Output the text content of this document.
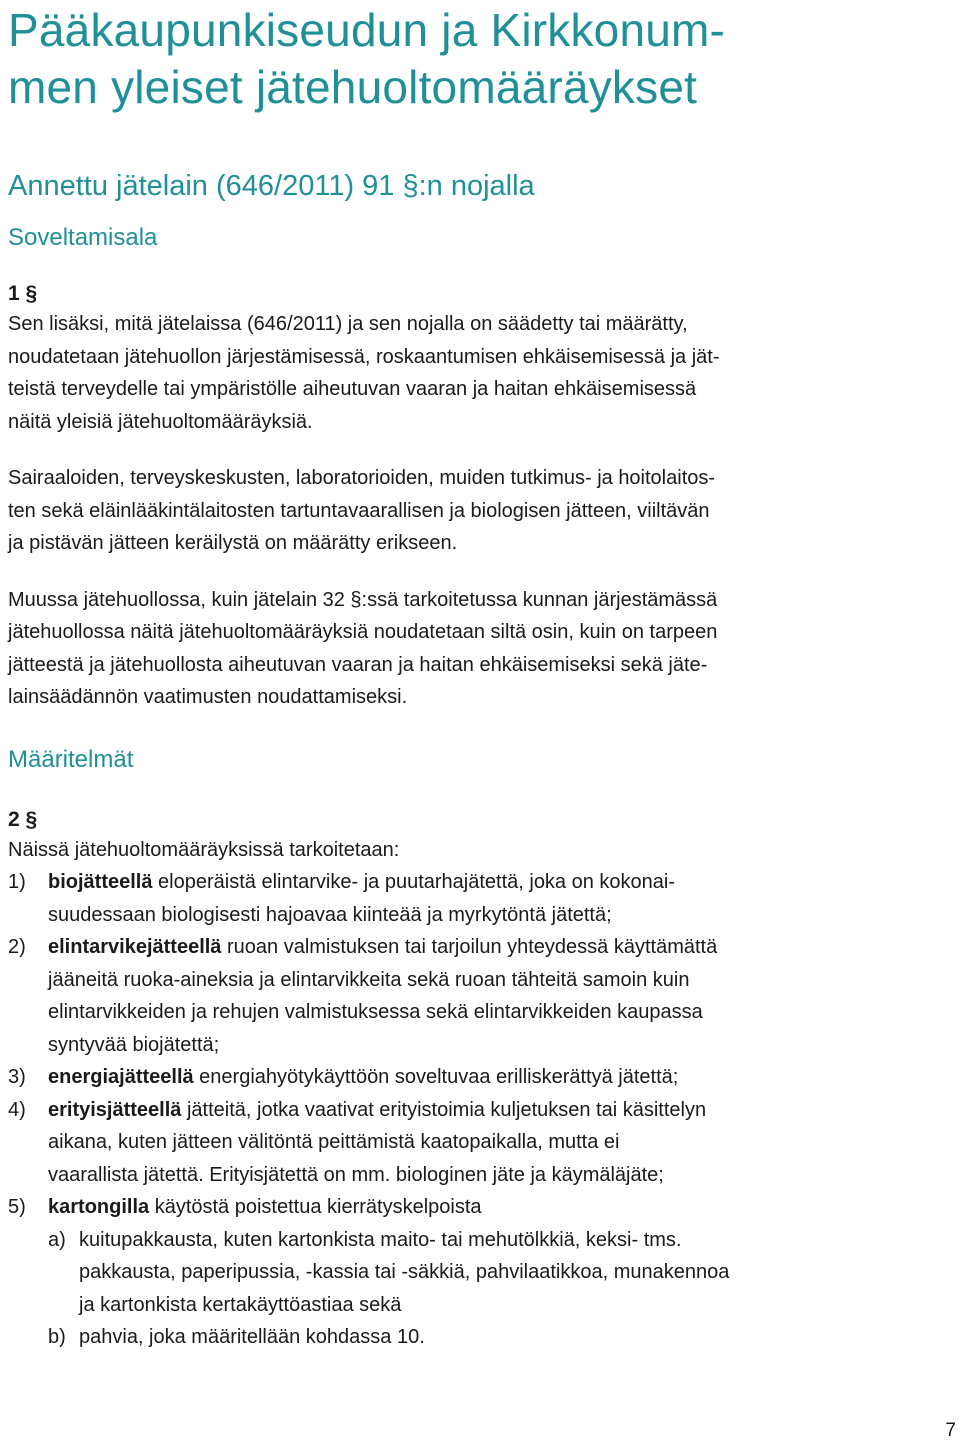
Pääkaupunkiseudun ja Kirkkonum-
men yleiset jätehuoltomääräykset
Annettu jätelain (646/2011) 91 §:n nojalla
Soveltamisala
1 §

Sen lisäksi, mitä jätelaissa (646/2011) ja sen nojalla on säädetty tai määrätty,
noudatetaan jätehuollon järjestämisessä, roskaantumisen ehkäisemisessä ja jät-
teistä terveydelle tai ympäristölle aiheutuvan vaaran ja haitan ehkäisemisessä
näitä yleisiä jätehuoltomääräyksiä.

Sairaaloiden, terveyskeskusten, laboratorioiden, muiden tutkimus- ja hoitolaitos-
ten sekä eläinlääkintälaitosten tartuntavaarallisen ja biologisen jätteen, viiltävän
ja pistävän jätteen keräilystä on määrätty erikseen.

Muussa jätehuollossa, kuin jätelain 32 §:ssä tarkoitetussa kunnan järjestämässä
jätehuollossa näitä jätehuoltomääräyksiä noudatetaan siltä osin, kuin on tarpeen
jätteestä ja jätehuollosta aiheutuvan vaaran ja haitan ehkäisemiseksi sekä jäte-
lainsäädännön vaatimusten noudattamiseksi.

Määritelmät
2 §

Näissä jätehuoltomääräyksissä tarkoitetaan:

1) biojätteellä eloperäistä elintarvike- ja puutarhajätettä, joka on kokonai-
suudessaan biologisesti hajoavaa kiinteää ja myrkytöntä jätettä;
2) elintarvikejätteellä ruoan valmistuksen tai tarjoilun yhteydessä käyttämättä
jääneitä ruoka-aineksia ja elintarvikkeita sekä ruoan tähteitä samoin kuin
elintarvikkeiden ja rehujen valmistuksessa sekä elintarvikkeiden kaupassa
syntyvää biojätettä;
3) energiajätteellä energiahyötykäyttöön soveltuvaa erilliskerättyä jätettä;
4) erityisjätteellä jätteitä, jotka vaativat erityistoimia kuljetuksen tai käsittelyn
aikana, kuten jätteen välitöntä peittämistä kaatopaikalla, mutta ei
vaarallista jätettä. Erityisjätettä on mm. biologinen jäte ja käymäläjäte;
5) kartongilla käytöstä poistettua kierrätyskelpoista
a) kuitupakkausta, kuten kartonkista maito- tai mehutölkkiä, keksi- tms.
pakkausta, paperipussia, -kassia tai -säkkiä, pahvilaatikkoa, munakennoa
ja kartonkista kertakäyttöastiaa sekä
b) pahvia, joka määritellään kohdassa 10.
7
